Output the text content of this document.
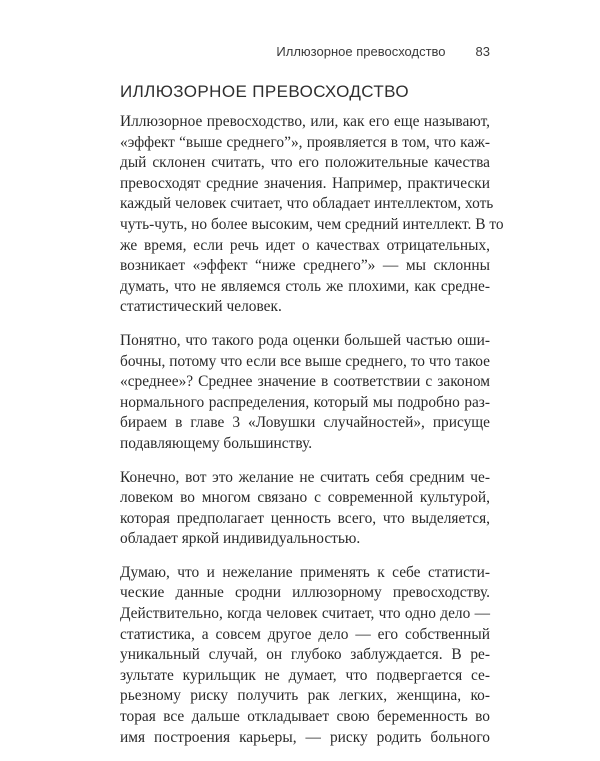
Иллюзорное превосходство 83
ИЛЛЮЗОРНОЕ ПРЕВОСХОДСТВО

Иллюзорное превосходство, или, как его еще называют,
«эффект “выше среднего”», проявляется в том, что каж-
дый склонен считать, что его положительные качества
превосходят средние значения. Например, практически
каждый человек считает, что обладает интеллектом, хоть
чуть-чуть, но более высоким, чем средний интеллект. В то
же время, если речь идет о качествах отрицательных,
возникает «эффект “ниже среднего”» — мы склонны
думать, что не являемся столь же плохими, как средне-
статистический человек.

Понятно, что такого рода оценки большей частью оши-
бочны, потому что если все выше среднего, то что такое
«среднее»? Среднее значение в соответствии с законом
нормального распределения, который мы подробно раз-
бираем в главе 3 «Ловушки случайностей», присуще
подавляющему большинству.

Конечно, вот это желание не считать себя средним че-
ловеком во многом связано с современной культурой,
которая предполагает ценность всего, что выделяется,
обладает яркой индивидуальностью.

Думаю, что и нежелание применять к себе статисти-
ческие данные сродни иллюзорному превосходству.
Действительно, когда человек считает, что одно дело —
статистика, а совсем другое дело — его собственный
уникальный случай, он глубоко заблуждается. В ре-
зультате курильщик не думает, что подвергается се-
рьезному риску получить рак легких, женщина, ко-
торая все дальше откладывает свою беременность во
имя построения карьеры, — риску родить больного
